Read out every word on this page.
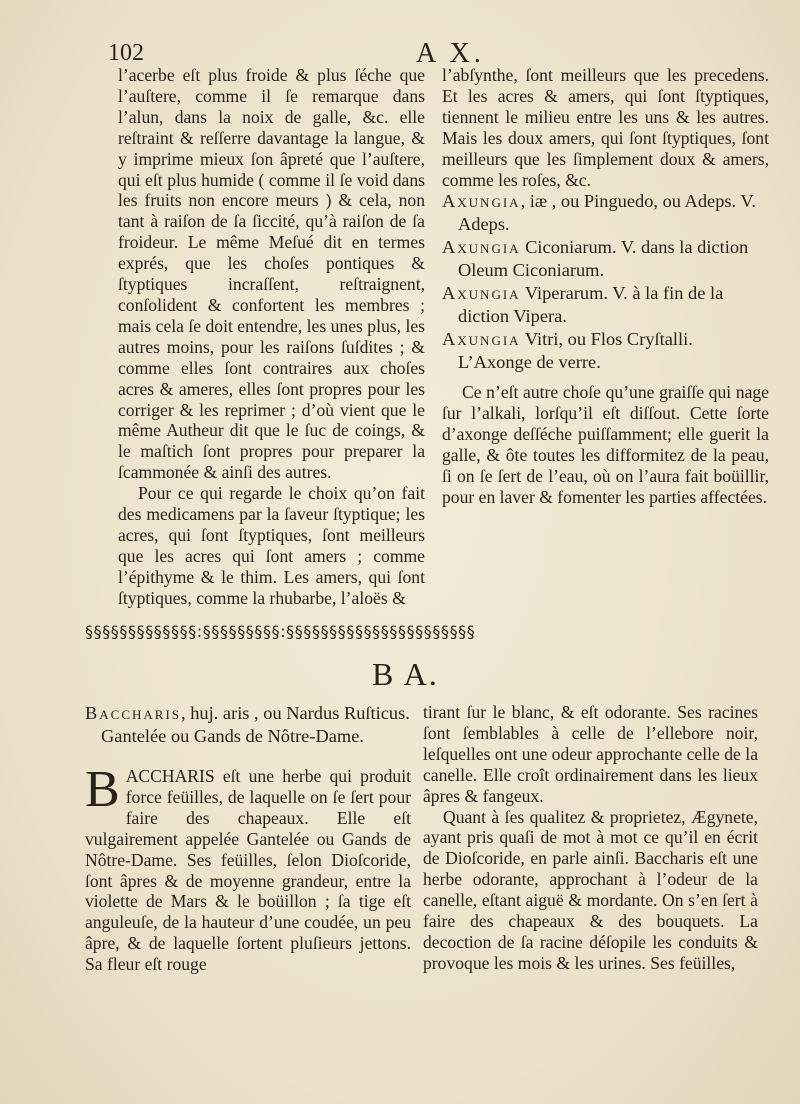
102	A X.

l’acerbe eſt plus froide & plus ſéche que l’auſtere, comme il ſe remarque dans l’alun, dans la noix de galle, &c. elle reſtraint & reſſerre davantage la langue, & y imprime mieux ſon âpreté que l’auſtere, qui eſt plus humide ( comme il ſe void dans les fruits non encore meurs ) & cela, non tant à raiſon de ſa ſiccité, qu’à raiſon de ſa froideur. Le même Meſué dit en termes exprés, que les choſes pontiques & ſtyptiques incraſſent, reſtraignent, conſolident & confortent les membres ; mais cela ſe doit entendre, les unes plus, les autres moins, pour les raiſons ſuſdites ; & comme elles ſont contraires aux choſes acres & ameres, elles ſont propres pour les corriger & les reprimer ; d’où vient que le même Autheur dit que le ſuc de coings, & le maſtich ſont propres pour preparer la ſcammonée & ainſi des autres.

Pour ce qui regarde le choix qu’on fait des medicamens par la ſaveur ſtyptique; les acres, qui ſont ſtyptiques, ſont meilleurs que les acres qui ſont amers ; comme l’épithyme & le thim. Les amers, qui ſont ſtyptiques, comme la rhubarbe, l’aloës &

l’abſynthe, ſont meilleurs que les precedens. Et les acres & amers, qui ſont ſtyptiques, tiennent le milieu entre les uns & les autres. Mais les doux amers, qui ſont ſtyptiques, ſont meilleurs que les ſimplement doux & amers, comme les roſes, &c.

Axungia, iæ , ou Pinguedo, ou Adeps. V. Adeps.

Axungia Ciconiarum. V. dans la diction Oleum Ciconiarum.

Axungia Viperarum. V. à la fin de la diction Vipera.

Axungia Vitri, ou Flos Cryſtalli. L’Axonge de verre.

Ce n’eſt autre choſe qu’une graiſſe qui nage ſur l’alkali, lorſqu’il eſt diſſout. Cette ſorte d’axonge deſſéche puiſſamment; elle guerit la galle, & ôte toutes les difformitez de la peau, ſi on ſe ſert de l’eau, où on l’aura fait boüillir, pour en laver & fomenter les parties affectées.

§§§§§§§§§§§§§:§§§§§§§§§:§§§§§§§§§§§§§§§§§§§§§§
B A.

Baccharis, huj. aris , ou Nardus Ruſticus. Gantelée ou Gands de Nôtre-Dame.

BACCHARIS eſt une herbe qui produit force feüilles, de laquelle on ſe ſert pour faire des chapeaux. Elle eſt vulgairement appelée Gantelée ou Gands de Nôtre-Dame. Ses feüilles, ſelon Dioſcoride, ſont âpres & de moyenne grandeur, entre la violette de Mars & le boüillon ; ſa tige eſt anguleuſe, de la hauteur d’une coudée, un peu âpre, & de laquelle ſortent pluſieurs jettons. Sa fleur eſt rouge

tirant ſur le blanc, & eſt odorante. Ses racines ſont ſemblables à celle de l’ellebore noir, leſquelles ont une odeur approchante celle de la canelle. Elle croît ordinairement dans les lieux âpres & fangeux.

Quant à ſes qualitez & proprietez, Ægynete, ayant pris quaſi de mot à mot ce qu’il en écrit de Dioſcoride, en parle ainſi. Baccharis eſt une herbe odorante, approchant à l’odeur de la canelle, eſtant aiguë & mordante. On s’en ſert à faire des chapeaux & des bouquets. La decoction de ſa racine déſopile les conduits & provoque les mois & les urines. Ses feüilles,
